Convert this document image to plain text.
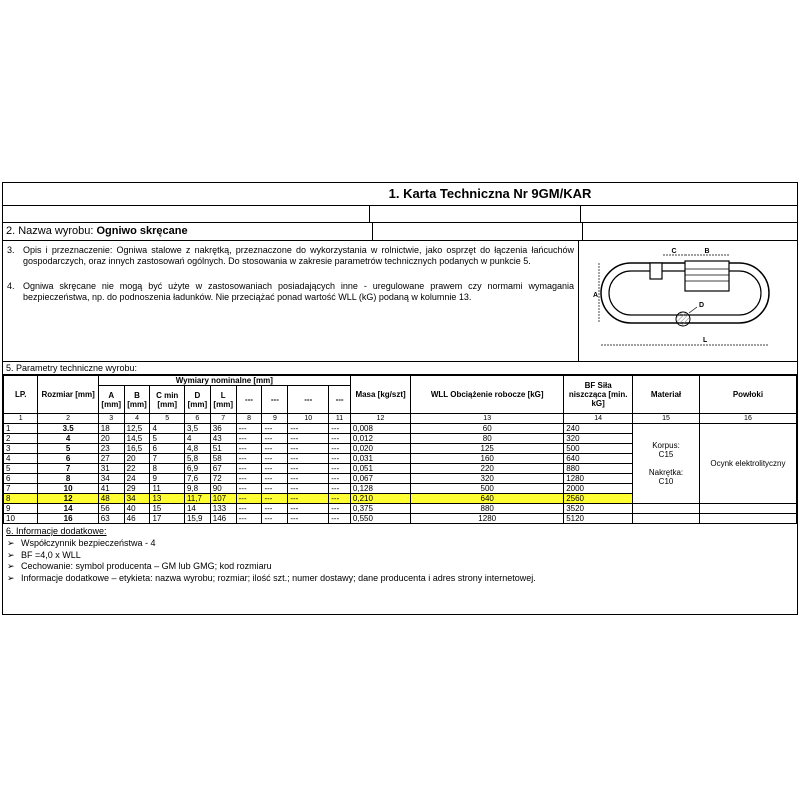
1. Karta Techniczna Nr 9GM/KAR
2. Nazwa wyrobu: Ogniwo skręcane
3. Opis i przeznaczenie: Ogniwa stalowe z nakrętką, przeznaczone do wykorzystania w rolnictwie, jako osprzęt do łączenia łańcuchów gospodarczych, oraz innych zastosowań ogólnych. Do stosowania w zakresie parametrów technicznych podanych w punkcie 5.
4. Ogniwa skręcane nie mogą być użyte w zastosowaniach posiadających inne - uregulowane prawem czy normami wymagania bezpieczeństwa, np. do podnoszenia ładunków. Nie przeciążać ponad wartość WLL (kG) podaną w kolumnie 13.
B
C
A
L
D
5. Parametry techniczne wyrobu:
LP.	Rozmiar [mm]	Wymiary nominalne [mm]									Masa [kg/szt]	WLL Obciążenie robocze [kG]	BF Siła niszcząca [min. kG]	Materiał	Powłoki
		A [mm]	B [mm]	C min [mm]	D [mm]	L [mm]	---	---	---	---					
1	2	3	4	5	6	7	8	9	10	11	12	13	14	15	16
1	3.5	18	12,5	4	3,5	36	---	---	---	---	0,008	60	240	Korpus:
C15

Nakrętka:
C10	Ocynk elektrolityczny
2	4	20	14,5	5	4	43	---	---	---	---	0,012	80	320		
3	5	23	16,5	6	4,8	51	---	---	---	---	0,020	125	500		
4	6	27	20	7	5,8	58	---	---	---	---	0,031	160	640		
5	7	31	22	8	6,9	67	---	---	---	---	0,051	220	880		
6	8	34	24	9	7,6	72	---	---	---	---	0,067	320	1280		
7	10	41	29	11	9,8	90	---	---	---	---	0,128	500	2000		
8	12	48	34	13	11,7	107	---	---	---	---	0,210	640	2560		
9	14	56	40	15	14	133	---	---	---	---	0,375	880	3520		
10	16	63	46	17	15,9	146	---	---	---	---	0,550	1280	5120		
6. Informacje dodatkowe:
➢ Współczynnik bezpieczeństwa - 4
➢ BF =4,0 x WLL
➢ Cechowanie: symbol producenta – GM lub GMG; kod rozmiaru
➢ Informacje dodatkowe – etykieta: nazwa wyrobu; rozmiar; ilość szt.; numer dostawy; dane producenta i adres strony internetowej.
